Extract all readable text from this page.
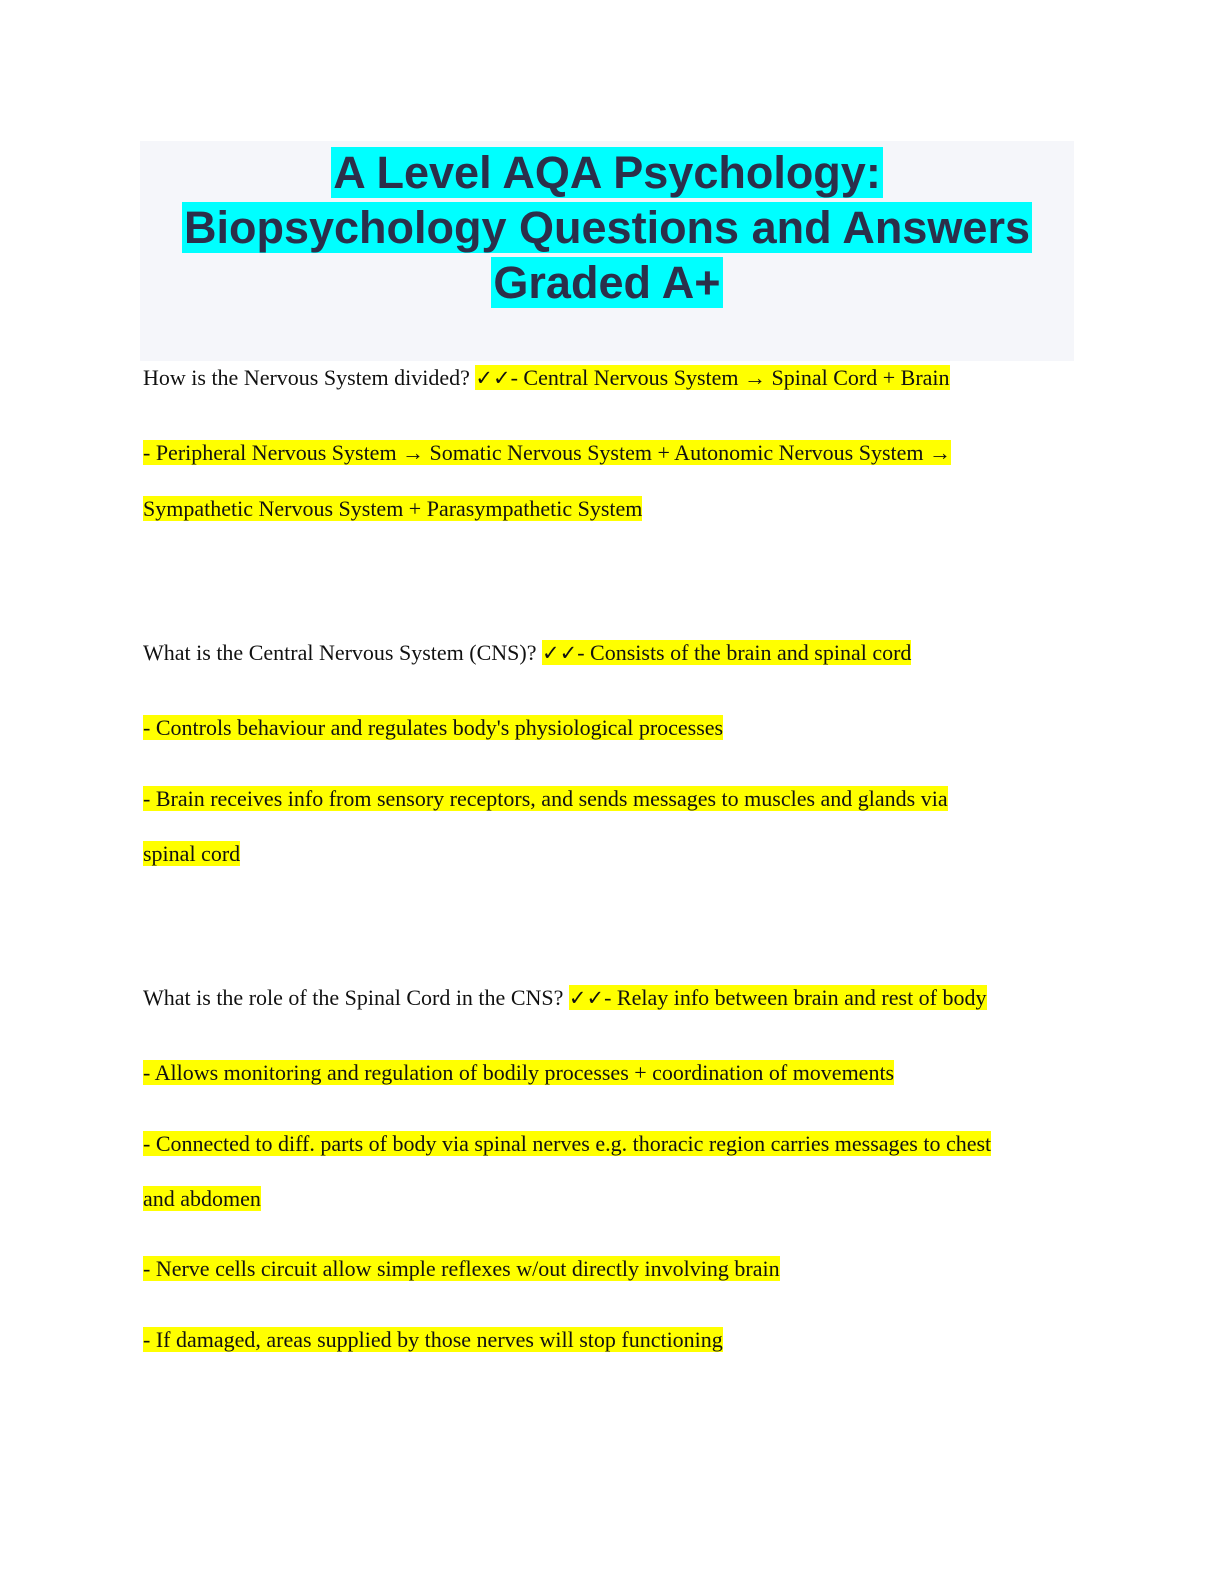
A Level AQA Psychology:
Biopsychology Questions and Answers
Graded A+
How is the Nervous System divided? ✓✓- Central Nervous System → Spinal Cord + Brain
- Peripheral Nervous System → Somatic Nervous System + Autonomic Nervous System →
Sympathetic Nervous System + Parasympathetic System
What is the Central Nervous System (CNS)? ✓✓- Consists of the brain and spinal cord
- Controls behaviour and regulates body's physiological processes
- Brain receives info from sensory receptors, and sends messages to muscles and glands via
spinal cord
What is the role of the Spinal Cord in the CNS? ✓✓- Relay info between brain and rest of body
- Allows monitoring and regulation of bodily processes + coordination of movements
- Connected to diff. parts of body via spinal nerves e.g. thoracic region carries messages to chest
and abdomen
- Nerve cells circuit allow simple reflexes w/out directly involving brain
- If damaged, areas supplied by those nerves will stop functioning
